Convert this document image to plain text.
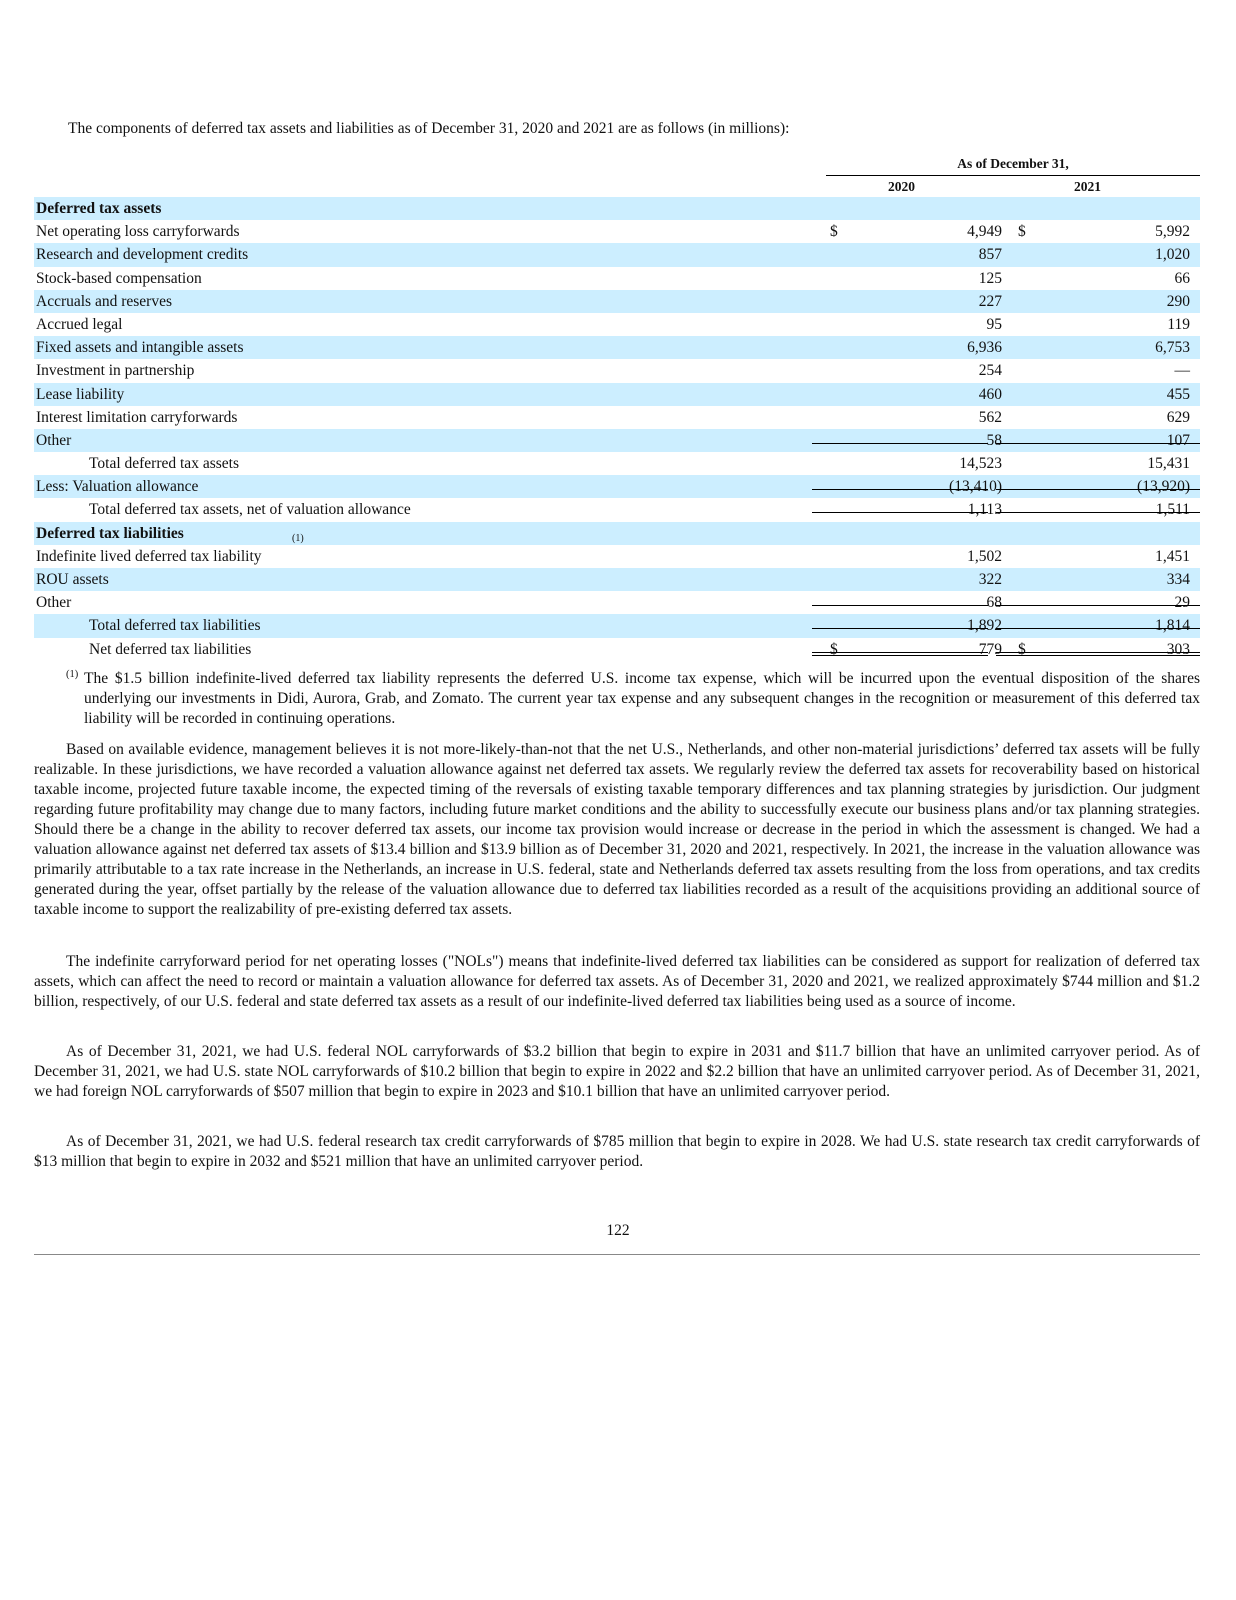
The components of deferred tax assets and liabilities as of December 31, 2020 and 2021 are as follows (in millions):
As of December 31,
2020	2021
Deferred tax assets
Net operating loss carryforwards	$	4,949 $	5,992
Research and development credits	857	1,020
Stock-based compensation	125	66
Accruals and reserves	227	290
Accrued legal	95	119
Fixed assets and intangible assets	6,936	6,753
Investment in partnership	254	—
Lease liability	460	455
Interest limitation carryforwards	562	629
Other	58	107
Total deferred tax assets	14,523	15,431
Less: Valuation allowance	(13,410)	(13,920)
Total deferred tax assets, net of valuation allowance	1,113	1,511
Deferred tax liabilities
Indefinite lived deferred tax liability	1,502	1,451
ROU assets	322	334
Other	68	29
Total deferred tax liabilities	1,892	1,814
Net deferred tax liabilities	$	779 $	303
(1) The $1.5 billion indefinite-lived deferred tax liability represents the deferred U.S. income tax expense, which will be incurred upon the eventual disposition of the shares underlying our investments in Didi, Aurora, Grab, and Zomato. The current year tax expense and any subsequent changes in the recognition or measurement of this deferred tax liability will be recorded in continuing operations.
Based on available evidence, management believes it is not more-likely-than-not that the net U.S., Netherlands, and other non-material jurisdictions’ deferred tax assets will be fully realizable. In these jurisdictions, we have recorded a valuation allowance against net deferred tax assets. We regularly review the deferred tax assets for recoverability based on historical taxable income, projected future taxable income, the expected timing of the reversals of existing taxable temporary differences and tax planning strategies by jurisdiction. Our judgment regarding future profitability may change due to many factors, including future market conditions and the ability to successfully execute our business plans and/or tax planning strategies. Should there be a change in the ability to recover deferred tax assets, our income tax provision would increase or decrease in the period in which the assessment is changed. We had a valuation allowance against net deferred tax assets of $13.4 billion and $13.9 billion as of December 31, 2020 and 2021, respectively. In 2021, the increase in the valuation allowance was primarily attributable to a tax rate increase in the Netherlands, an increase in U.S. federal, state and Netherlands deferred tax assets resulting from the loss from operations, and tax credits generated during the year, offset partially by the release of the valuation allowance due to deferred tax liabilities recorded as a result of the acquisitions providing an additional source of taxable income to support the realizability of pre-existing deferred tax assets.
The indefinite carryforward period for net operating losses ("NOLs") means that indefinite-lived deferred tax liabilities can be considered as support for realization of deferred tax assets, which can affect the need to record or maintain a valuation allowance for deferred tax assets. As of December 31, 2020 and 2021, we realized approximately $744 million and $1.2 billion, respectively, of our U.S. federal and state deferred tax assets as a result of our indefinite-lived deferred tax liabilities being used as a source of income.
As of December 31, 2021, we had U.S. federal NOL carryforwards of $3.2 billion that begin to expire in 2031 and $11.7 billion that have an unlimited carryover period. As of December 31, 2021, we had U.S. state NOL carryforwards of $10.2 billion that begin to expire in 2022 and $2.2 billion that have an unlimited carryover period. As of December 31, 2021, we had foreign NOL carryforwards of $507 million that begin to expire in 2023 and $10.1 billion that have an unlimited carryover period.
As of December 31, 2021, we had U.S. federal research tax credit carryforwards of $785 million that begin to expire in 2028. We had U.S. state research tax credit carryforwards of $13 million that begin to expire in 2032 and $521 million that have an unlimited carryover period.
122
